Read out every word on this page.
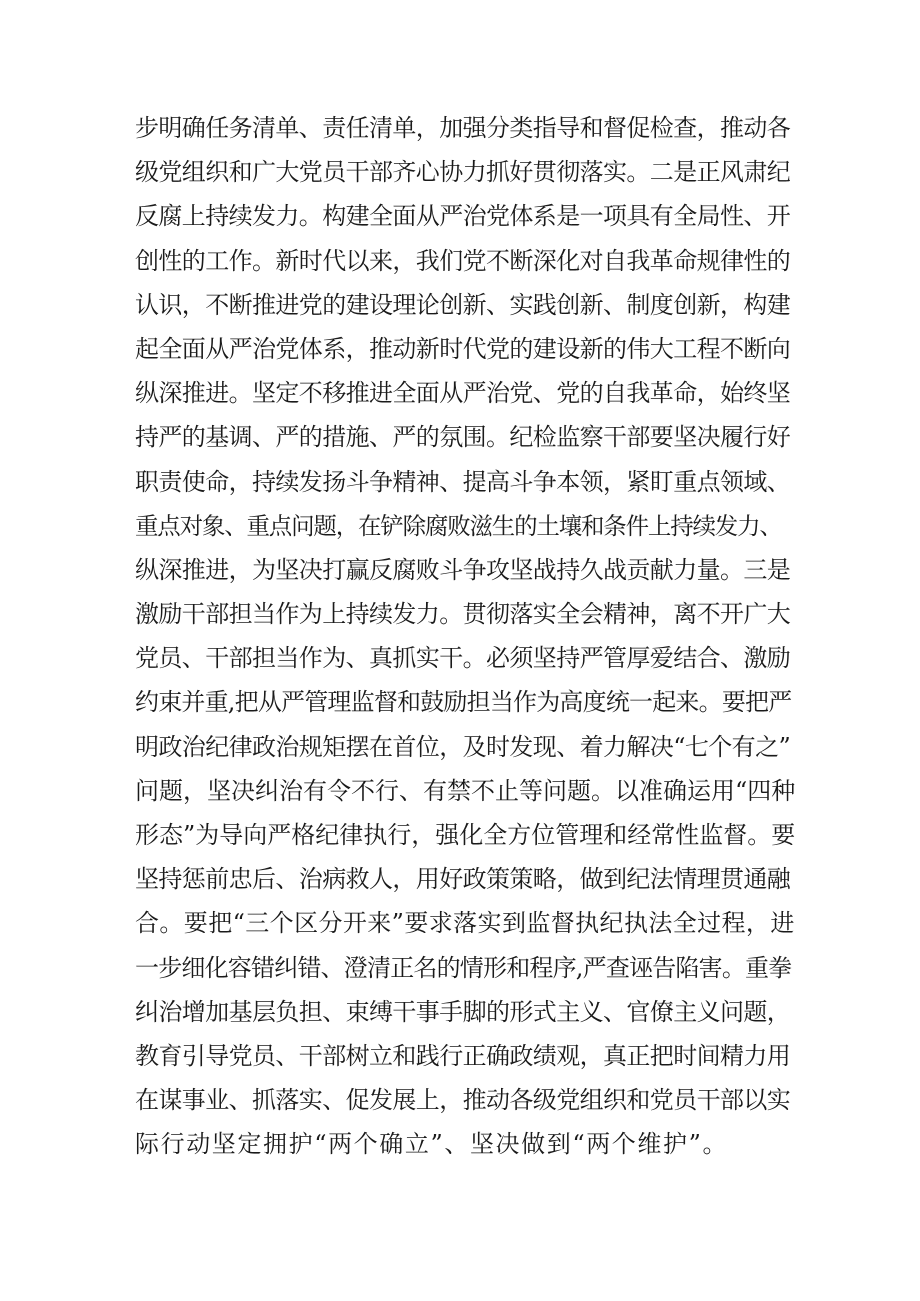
步明确任务清单、责任清单，加强分类指导和督促检查，推动各
级党组织和广大党员干部齐心协力抓好贯彻落实。二是正风肃纪
反腐上持续发力。构建全面从严治党体系是一项具有全局性、开
创性的工作。新时代以来，我们党不断深化对自我革命规律性的
认识，不断推进党的建设理论创新、实践创新、制度创新，构建
起全面从严治党体系，推动新时代党的建设新的伟大工程不断向
纵深推进。坚定不移推进全面从严治党、党的自我革命，始终坚
持严的基调、严的措施、严的氛围。纪检监察干部要坚决履行好
职责使命，持续发扬斗争精神、提高斗争本领，紧盯重点领域、
重点对象、重点问题，在铲除腐败滋生的土壤和条件上持续发力、
纵深推进，为坚决打赢反腐败斗争攻坚战持久战贡献力量。三是
激励干部担当作为上持续发力。贯彻落实全会精神，离不开广大
党员、干部担当作为、真抓实干。必须坚持严管厚爱结合、激励
约束并重,把从严管理监督和鼓励担当作为高度统一起来。要把严
明政治纪律政治规矩摆在首位，及时发现、着力解决“七个有之”
问题，坚决纠治有令不行、有禁不止等问题。以准确运用“四种
形态”为导向严格纪律执行，强化全方位管理和经常性监督。要
坚持惩前忠后、治病救人，用好政策策略，做到纪法情理贯通融
合。要把“三个区分开来”要求落实到监督执纪执法全过程，进
一步细化容错纠错、澄清正名的情形和程序,严查诬告陷害。重拳
纠治增加基层负担、束缚干事手脚的形式主义、官僚主义问题，
教育引导党员、干部树立和践行正确政绩观，真正把时间精力用
在谋事业、抓落实、促发展上，推动各级党组织和党员干部以实
际行动坚定拥护“两个确立”、坚决做到“两个维护”。
